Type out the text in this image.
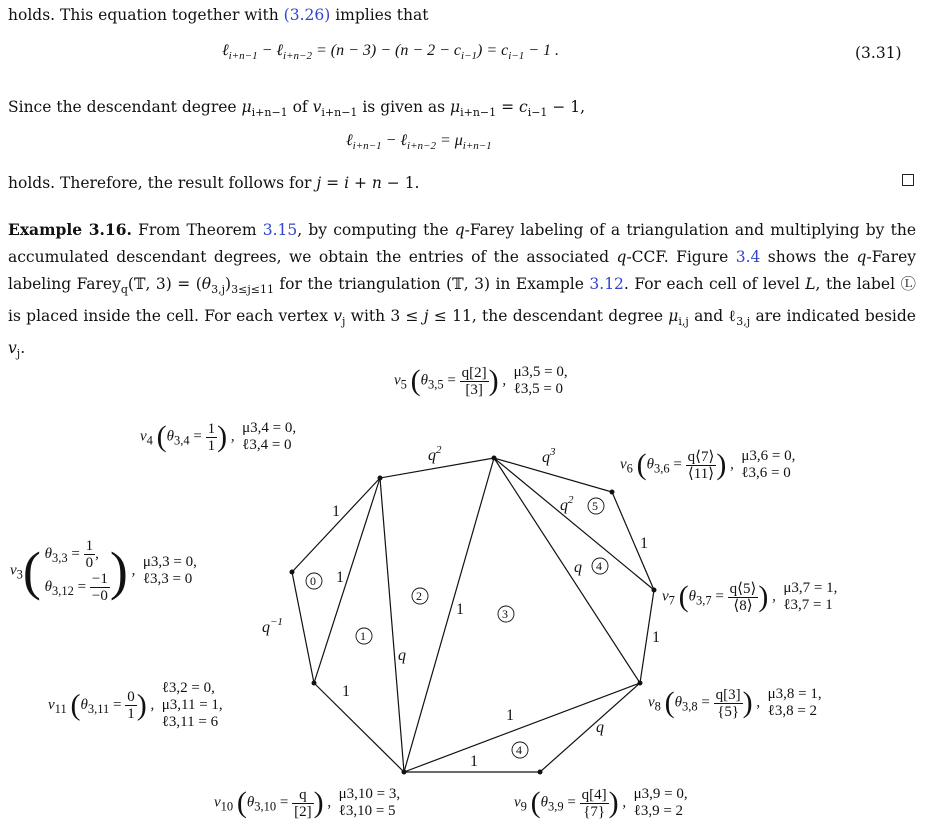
holds. This equation together with (3.26) implies that
ℓ$_{i+n-1}$ − ℓ$_{i+n-2}$ = $(n - 3) - (n - 2 - c_{i-1}) = c_{i-1} - 1$ .	(3.31)
Since the descendant degree $\mu_{i+n-1}$ of $v_{i+n-1}$ is given as $\mu_{i+n-1} = c_{i-1} - 1$,
ℓ$_{i+n-1}$ − ℓ$_{i+n-2}$ = $\mu_{i+n-1}$
holds. Therefore, the result follows for j = i + n − 1.
Example 3.16. From Theorem 3.15, by computing the q-Farey labeling of a triangulation and multiplying by the accumulated descendant degrees, we obtain the entries of the associated q-CCF. Figure 3.4 shows the q-Farey labeling Farey$_q$(𝕋, $3) = (\theta_{3,j})_{3\le j\le 11}$ for the triangulation (𝕋, 3) in Example 3.12. For each cell of level L, the label Ⓛ is placed inside the cell. For each vertex $v_j$ with 3 ≤ j ≤ 11, the descendant degree $\mu_{i,j}$ and ℓ$_{3,j}$ are indicated beside $v_j$.
1
1
$q^{-1}$
1
q
1
1
$q^2$	$q^3$
$q^2$
q
1
1
q
1
0
1
2
3
4
5
4
$v_4$ ($\theta_{3,4} = \frac{1}{1}$ ) ,  μ3,4 = 0,
ℓ3,4 = 0
$v_5$ ($\theta_{3,5} = \frac{q[2]}{[3]}$ ) ,  μ3,5 = 0,
ℓ3,5 = 0
$v_6$ ($\theta_{3,6} = \frac{q⟨7⟩}{⟨11⟩}$ ) ,  μ3,6 = 0,
ℓ3,6 = 0
$v_3$( $\theta_{3,3} = \frac{1}{0}$ ,
$\theta_{3,12} = \frac{-1}{-0}$ ) ,  μ3,3 = 0,
ℓ3,3 = 0
$v_7$ ($\theta_{3,7} = \frac{q⟨5⟩}{⟨8⟩}$ ) ,  μ3,7 = 1,
ℓ3,7 = 1
$v_{11}$ ($\theta_{3,11} = \frac{0}{1}$ ) ,  ℓ3,2 = 0,
μ3,11 = 1,
ℓ3,11 = 6
$v_8$ ($\theta_{3,8} = \frac{q[3]}{\{5\}}$ ) ,  μ3,8 = 1,
ℓ3,8 = 2
$v_{10}$ ($\theta_{3,10} = \frac{q}{[2]}$ ) ,  μ3,10 = 3,
ℓ3,10 = 5
$v_9$ ($\theta_{3,9} = \frac{q[4]}{\{7\}}$ ) ,  μ3,9 = 0,
ℓ3,9 = 2
